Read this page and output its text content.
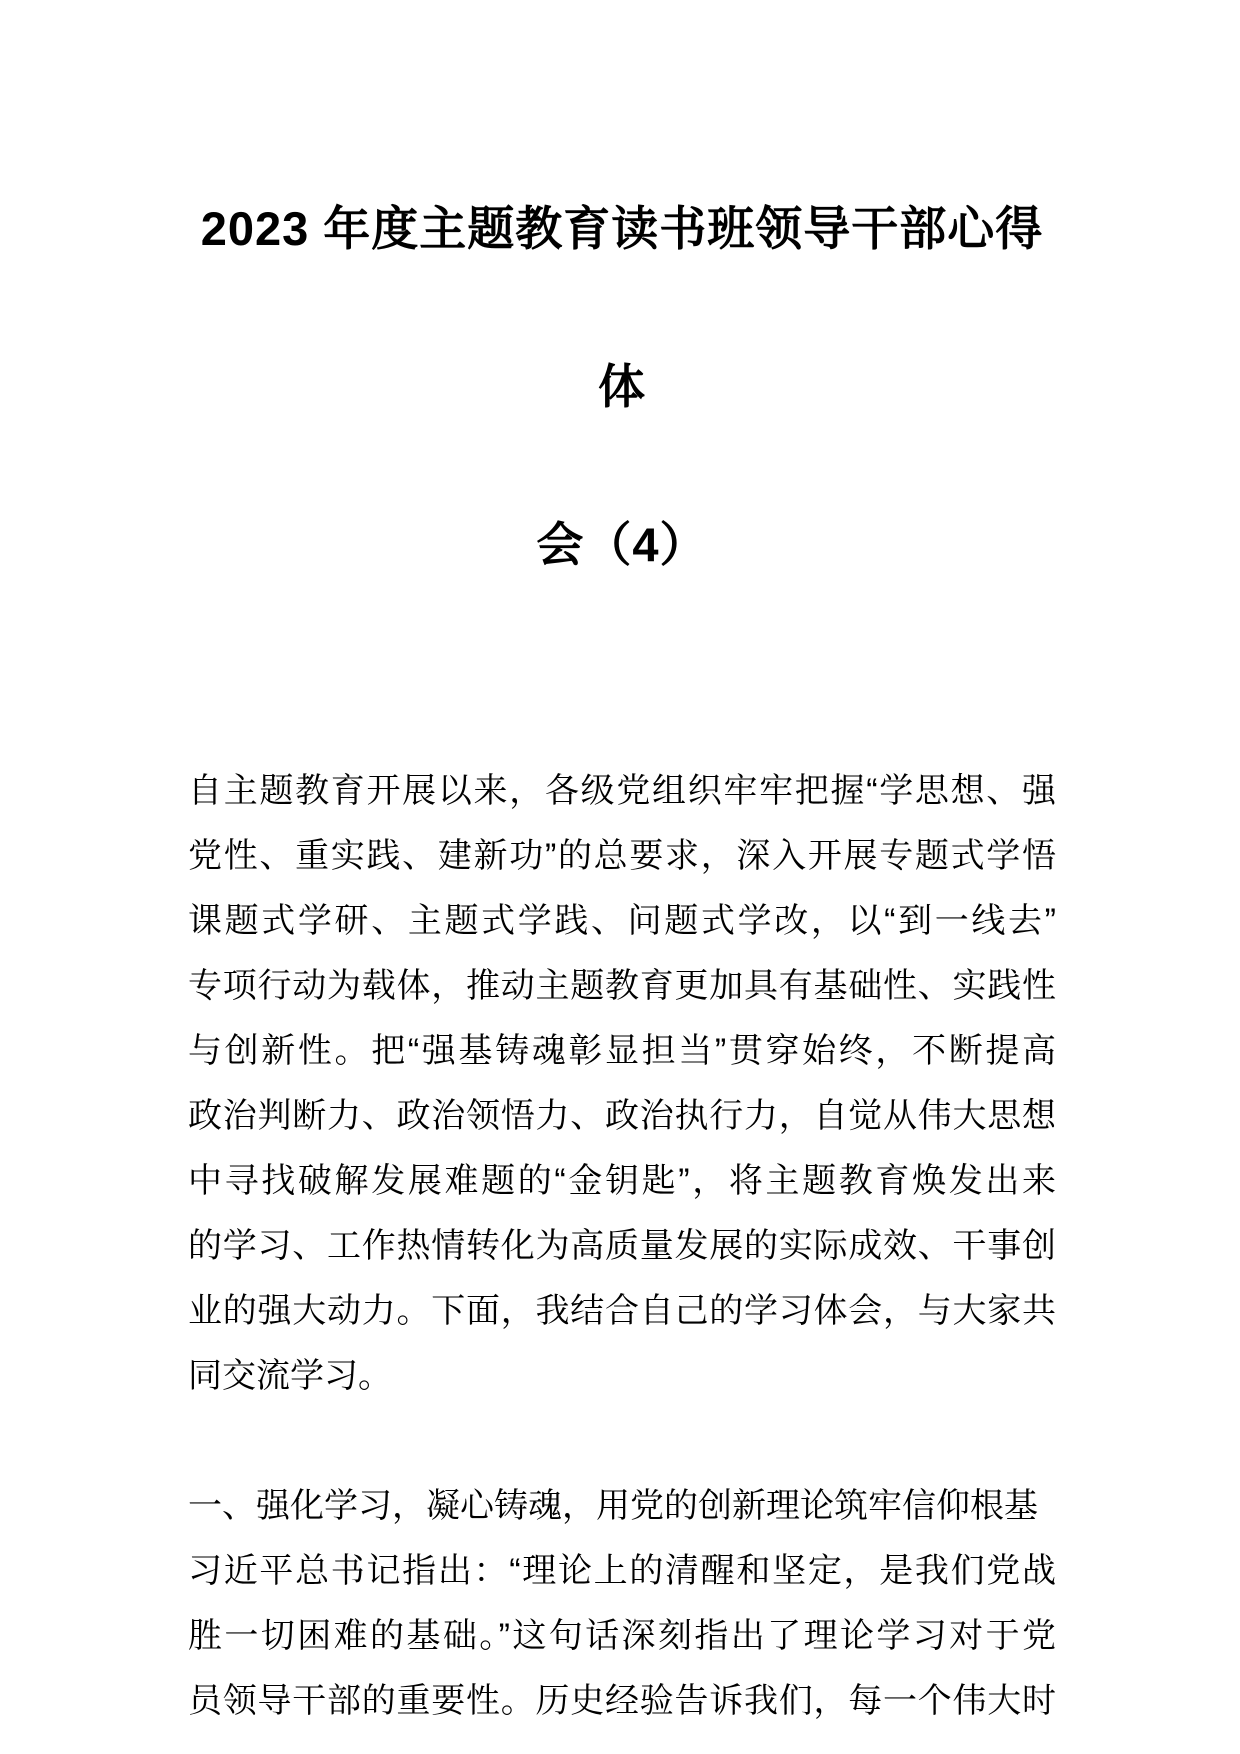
2023 年度主题教育读书班领导干部心得体
会（4）

自主题教育开展以来，各级党组织牢牢把握“学思想、强
党性、重实践、建新功”的总要求，深入开展专题式学悟
课题式学研、主题式学践、问题式学改，以“到一线去”
专项行动为载体，推动主题教育更加具有基础性、实践性
与创新性。把“强基铸魂彰显担当”贯穿始终，不断提高
政治判断力、政治领悟力、政治执行力，自觉从伟大思想
中寻找破解发展难题的“金钥匙”，将主题教育焕发出来
的学习、工作热情转化为高质量发展的实际成效、干事创
业的强大动力。下面，我结合自己的学习体会，与大家共
同交流学习。

一、强化学习，凝心铸魂，用党的创新理论筑牢信仰根基

习近平总书记指出：“理论上的清醒和坚定，是我们党战
胜一切困难的基础。”这句话深刻指出了理论学习对于党
员领导干部的重要性。历史经验告诉我们，每一个伟大时
